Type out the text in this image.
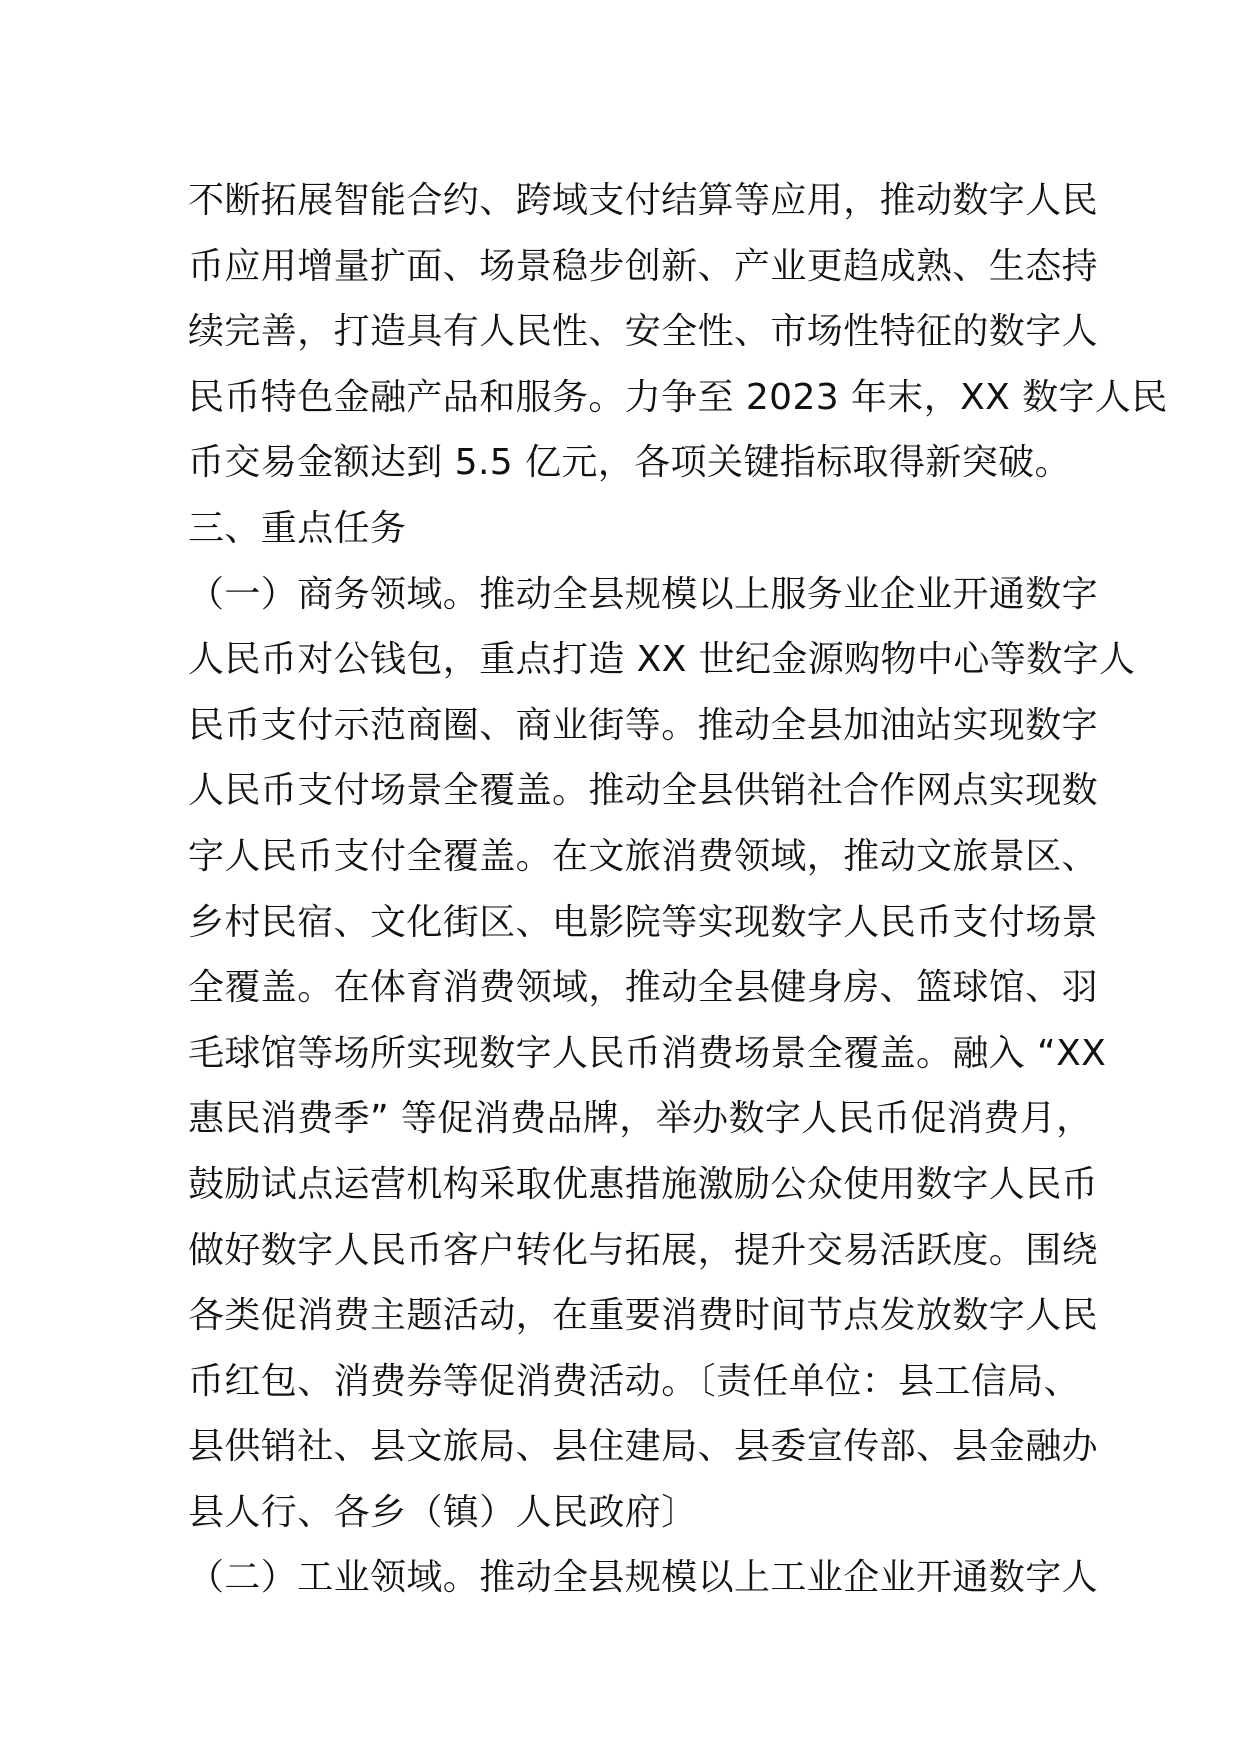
不断拓展智能合约、跨域支付结算等应用，推动数字人民
币应用增量扩面、场景稳步创新、产业更趋成熟、生态持
续完善，打造具有人民性、安全性、市场性特征的数字人
民币特色金融产品和服务。力争至 2023 年末，XX 数字人民
币交易金额达到 5.5 亿元，各项关键指标取得新突破。
三、重点任务
（一）商务领域。推动全县规模以上服务业企业开通数字
人民币对公钱包，重点打造 XX 世纪金源购物中心等数字人
民币支付示范商圈、商业街等。推动全县加油站实现数字
人民币支付场景全覆盖。推动全县供销社合作网点实现数
字人民币支付全覆盖。在文旅消费领域，推动文旅景区、
乡村民宿、文化街区、电影院等实现数字人民币支付场景
全覆盖。在体育消费领域，推动全县健身房、篮球馆、羽
毛球馆等场所实现数字人民币消费场景全覆盖。融入 “XX
惠民消费季” 等促消费品牌，举办数字人民币促消费月，
鼓励试点运营机构采取优惠措施激励公众使用数字人民币
做好数字人民币客户转化与拓展，提升交易活跃度。围绕
各类促消费主题活动，在重要消费时间节点发放数字人民
币红包、消费券等促消费活动。〔责任单位：县工信局、
县供销社、县文旅局、县住建局、县委宣传部、县金融办
县人行、各乡（镇）人民政府〕
（二）工业领域。推动全县规模以上工业企业开通数字人
